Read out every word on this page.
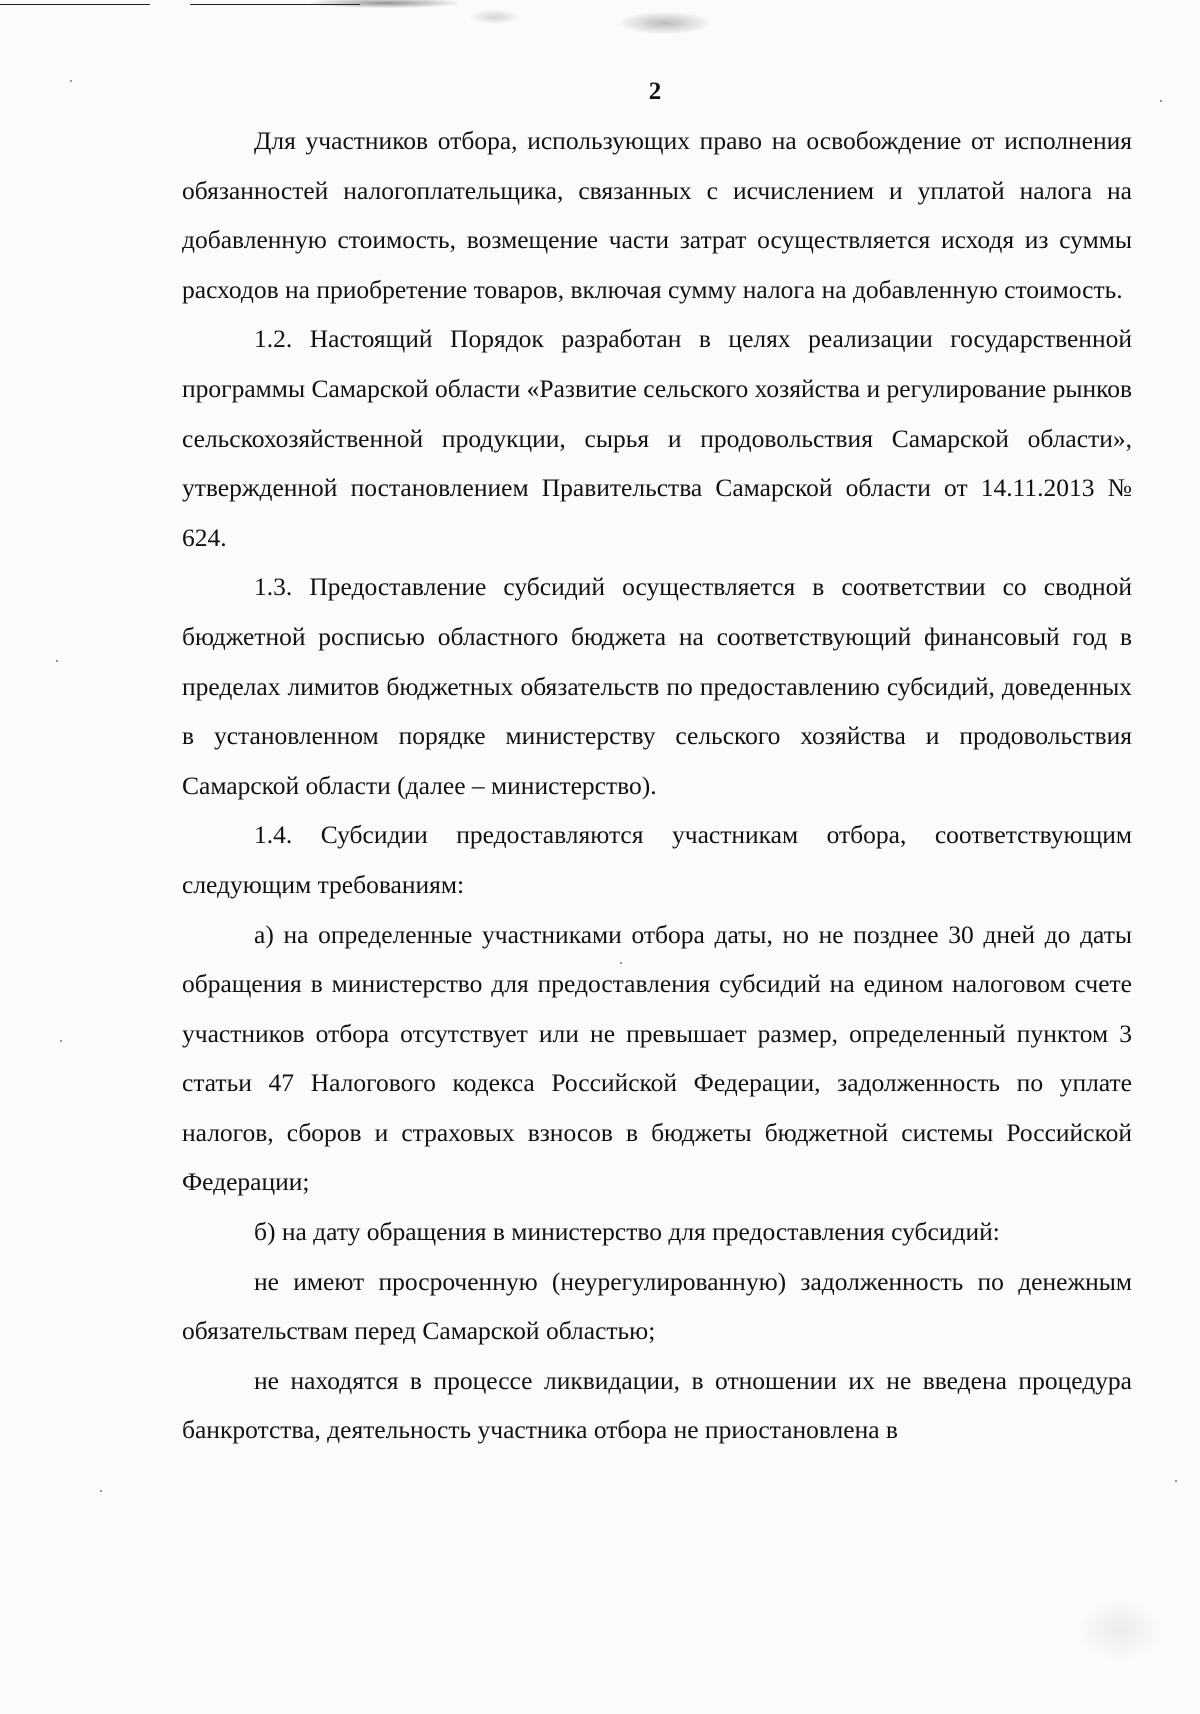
2

Для участников отбора, использующих право на освобождение от исполнения обязанностей налогоплательщика, связанных с исчислением и уплатой налога на добавленную стоимость, возмещение части затрат осуществляется исходя из суммы расходов на приобретение товаров, включая сумму налога на добавленную стоимость.

1.2. Настоящий Порядок разработан в целях реализации государственной программы Самарской области «Развитие сельского хозяйства и регулирование рынков сельскохозяйственной продукции, сырья и продовольствия Самарской области», утвержденной постановлением Правительства Самарской области от 14.11.2013 № 624.

1.3. Предоставление субсидий осуществляется в соответствии со сводной бюджетной росписью областного бюджета на соответствующий финансовый год в пределах лимитов бюджетных обязательств по предоставлению субсидий, доведенных в установленном порядке министерству сельского хозяйства и продовольствия Самарской области (далее – министерство).

1.4. Субсидии предоставляются участникам отбора, соответствующим следующим требованиям:

а) на определенные участниками отбора даты, но не позднее 30 дней до даты обращения в министерство для предоставления субсидий на едином налоговом счете участников отбора отсутствует или не превышает размер, определенный пунктом 3 статьи 47 Налогового кодекса Российской Федерации, задолженность по уплате налогов, сборов и страховых взносов в бюджеты бюджетной системы Российской Федерации;

б) на дату обращения в министерство для предоставления субсидий:

не имеют просроченную (неурегулированную) задолженность по денежным обязательствам перед Самарской областью;

не находятся в процессе ликвидации, в отношении их не введена процедура банкротства, деятельность участника отбора не приостановлена в
